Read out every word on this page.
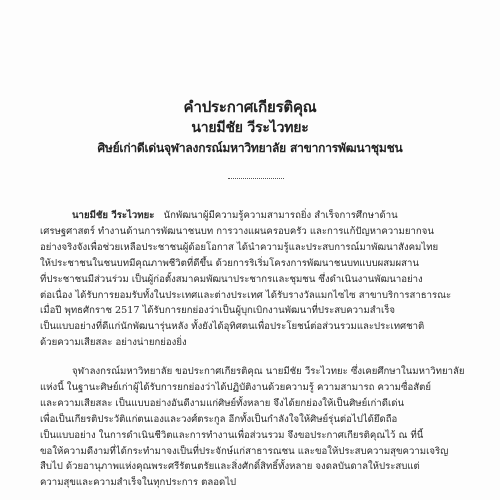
คำประกาศเกียรติคุณ
นายมีชัย วีระไวทยะ
ศิษย์เก่าดีเด่นจุฬาลงกรณ์มหาวิทยาลัย สาขาการพัฒนาชุมชน
นายมีชัย วีระไวทยะ นักพัฒนาผู้มีความรู้ความสามารถยิ่ง สำเร็จการศึกษาด้าน
เศรษฐศาสตร์ ทำงานด้านการพัฒนาชนบท การวางแผนครอบครัว และการแก้ปัญหาความยากจน
อย่างจริงจังเพื่อช่วยเหลือประชาชนผู้ด้อยโอกาส ได้นำความรู้และประสบการณ์มาพัฒนาสังคมไทย
ให้ประชาชนในชนบทมีคุณภาพชีวิตที่ดีขึ้น ด้วยการริเริ่มโครงการพัฒนาชนบทแบบผสมผสาน
ที่ประชาชนมีส่วนร่วม เป็นผู้ก่อตั้งสมาคมพัฒนาประชากรและชุมชน ซึ่งดำเนินงานพัฒนาอย่าง
ต่อเนื่อง ได้รับการยอมรับทั้งในประเทศและต่างประเทศ ได้รับรางวัลแมกไซไซ สาขาบริการสาธารณะ
เมื่อปี พุทธศักราช 2517 ได้รับการยกย่องว่าเป็นผู้บุกเบิกงานพัฒนาที่ประสบความสำเร็จ
เป็นแบบอย่างที่ดีแก่นักพัฒนารุ่นหลัง ทั้งยังได้อุทิศตนเพื่อประโยชน์ต่อส่วนรวมและประเทศชาติ
ด้วยความเสียสละ อย่างน่ายกย่องยิ่ง
จุฬาลงกรณ์มหาวิทยาลัย ขอประกาศเกียรติคุณ นายมีชัย วีระไวทยะ ซึ่งเคยศึกษาในมหาวิทยาลัย
แห่งนี้ ในฐานะศิษย์เก่าผู้ได้รับการยกย่องว่าได้ปฏิบัติงานด้วยความรู้ ความสามารถ ความซื่อสัตย์
และความเสียสละ เป็นแบบอย่างอันดีงามแก่ศิษย์ทั้งหลาย จึงได้ยกย่องให้เป็นศิษย์เก่าดีเด่น
เพื่อเป็นเกียรติประวัติแก่ตนเองและวงศ์ตระกูล อีกทั้งเป็นกำลังใจให้ศิษย์รุ่นต่อไปได้ยึดถือ
เป็นแบบอย่าง ในการดำเนินชีวิตและการทำงานเพื่อส่วนรวม จึงขอประกาศเกียรติคุณไว้ ณ ที่นี้
ขอให้ความดีงามที่ได้กระทำมาจงเป็นที่ประจักษ์แก่สาธารณชน และขอให้ประสบความสุขความเจริญ
สืบไป ด้วยอานุภาพแห่งคุณพระศรีรัตนตรัยและสิ่งศักดิ์สิทธิ์ทั้งหลาย จงดลบันดาลให้ประสบแต่
ความสุขและความสำเร็จในทุกประการ ตลอดไป
